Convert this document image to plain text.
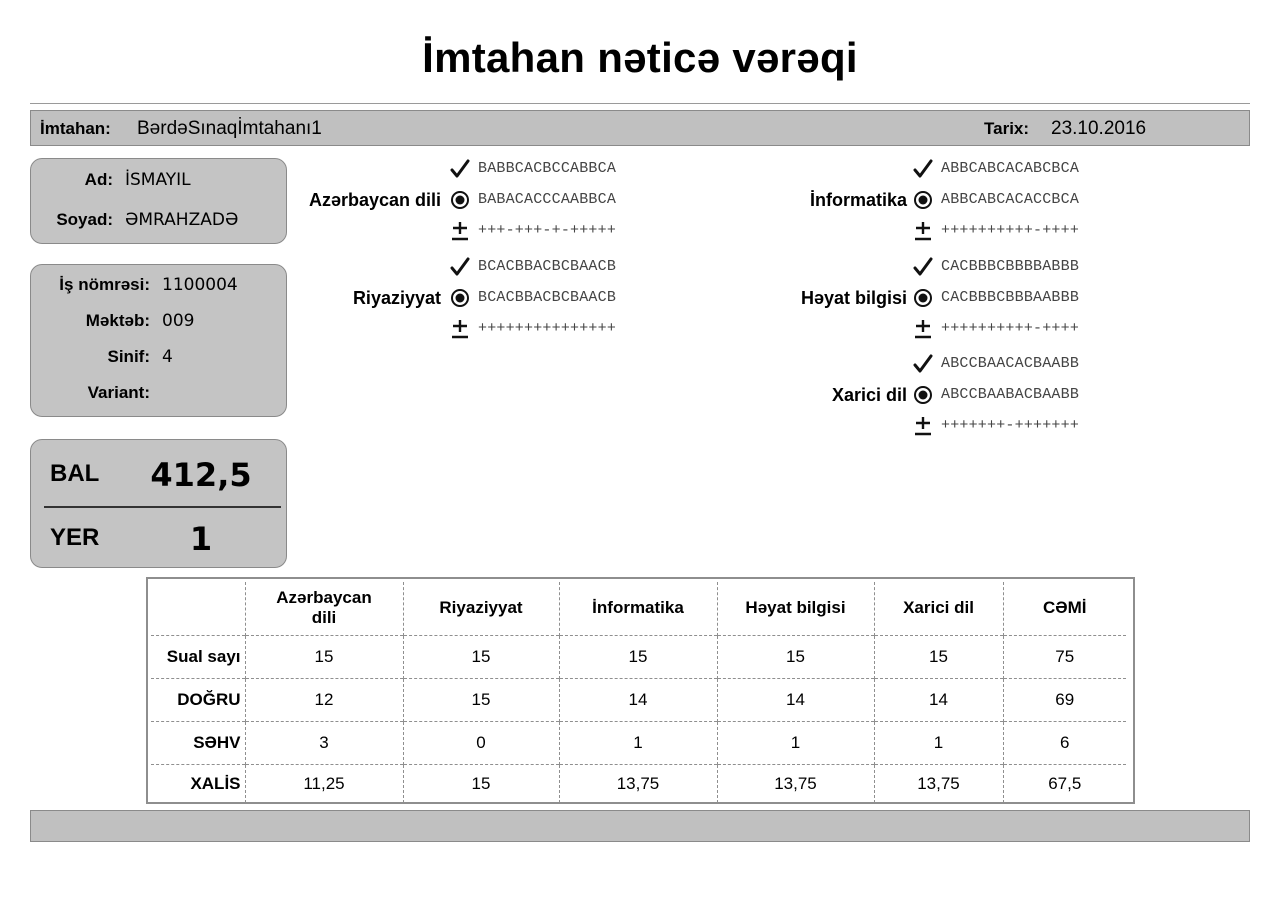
İmtahan nəticə vərəqi
İmtahan: BərdəSınaqİmtahanı1	Tarix: 23.10.2016
Ad: İSMAYIL
Soyad: ƏMRAHZADƏ
İş nömrəsi: 1100004
Məktəb: 009
Sinif: 4
Variant:
BAL 412,5
YER	1
Azərbaycan dili
BABBCACBCCABBCA
BABACACCCAABBCA
+++-+++-+-+++++
Riyaziyyat
BCACBBACBCBAACB
BCACBBACBCBAACB
+++++++++++++++
İnformatika
ABBCABCACABCBCA
ABBCABCACACCBCA
++++++++++-++++
Həyat bilgisi
CACBBBCBBBBABBB
CACBBBCBBBAABBB
++++++++++-++++
Xarici dil
ABCCBAACACBAABB
ABCCBAABACBAABB
+++++++-+++++++
	Azərbaycan dili	Riyaziyyat	İnformatika	Həyat bilgisi	Xarici dil	CƏMİ
Sual sayı	15	15	15	15	15	75
DOĞRU	12	15	14	14	14	69
SƏHV	3	0	1	1	1	6
XALİS	11,25	15	13,75	13,75	13,75	67,5
